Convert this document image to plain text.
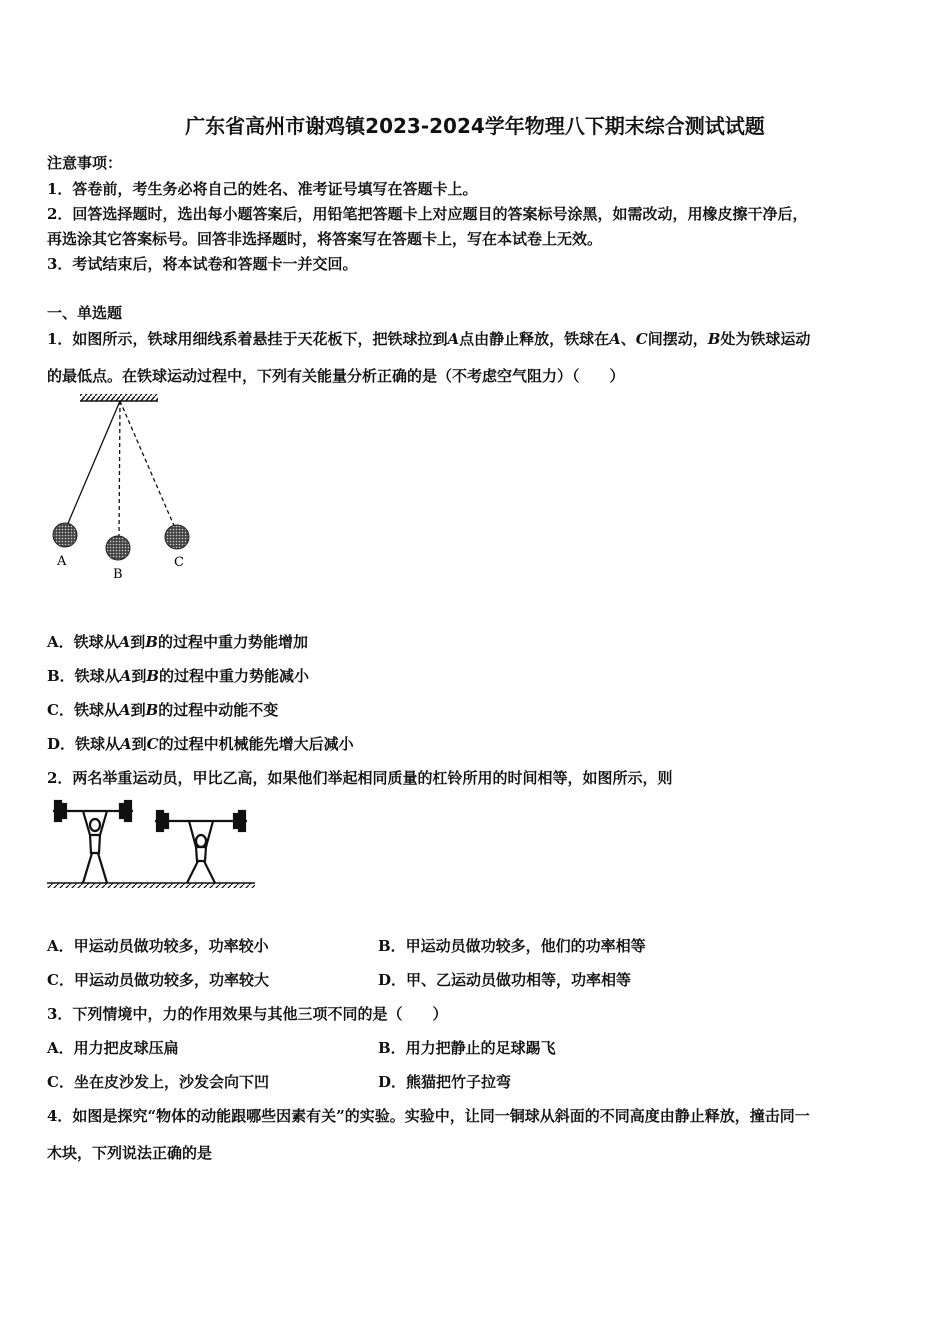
广东省高州市谢鸡镇2023-2024学年物理八下期末综合测试试题
注意事项：
1．答卷前，考生务必将自己的姓名、准考证号填写在答题卡上。
2．回答选择题时，选出每小题答案后，用铅笔把答题卡上对应题目的答案标号涂黑，如需改动，用橡皮擦干净后，
再选涂其它答案标号。回答非选择题时，将答案写在答题卡上，写在本试卷上无效。
3．考试结束后，将本试卷和答题卡一并交回。
一、单选题
1．如图所示，铁球用细线系着悬挂于天花板下，把铁球拉到A点由静止释放，铁球在A、C间摆动，B处为铁球运动
的最低点。在铁球运动过程中，下列有关能量分析正确的是（不考虑空气阻力）（　　）
A
B
C
A．铁球从A到B的过程中重力势能增加
B．铁球从A到B的过程中重力势能减小
C．铁球从A到B的过程中动能不变
D．铁球从A到C的过程中机械能先增大后减小
2．两名举重运动员，甲比乙高，如果他们举起相同质量的杠铃所用的时间相等，如图所示，则
A．甲运动员做功较多，功率较小	B．甲运动员做功较多，他们的功率相等
C．甲运动员做功较多，功率较大	D．甲、乙运动员做功相等，功率相等
3．下列情境中，力的作用效果与其他三项不同的是（　　）
A．用力把皮球压扁	B．用力把静止的足球踢飞
C．坐在皮沙发上，沙发会向下凹	D．熊猫把竹子拉弯
4．如图是探究“物体的动能跟哪些因素有关”的实验。实验中，让同一铜球从斜面的不同高度由静止释放，撞击同一
木块，下列说法正确的是
